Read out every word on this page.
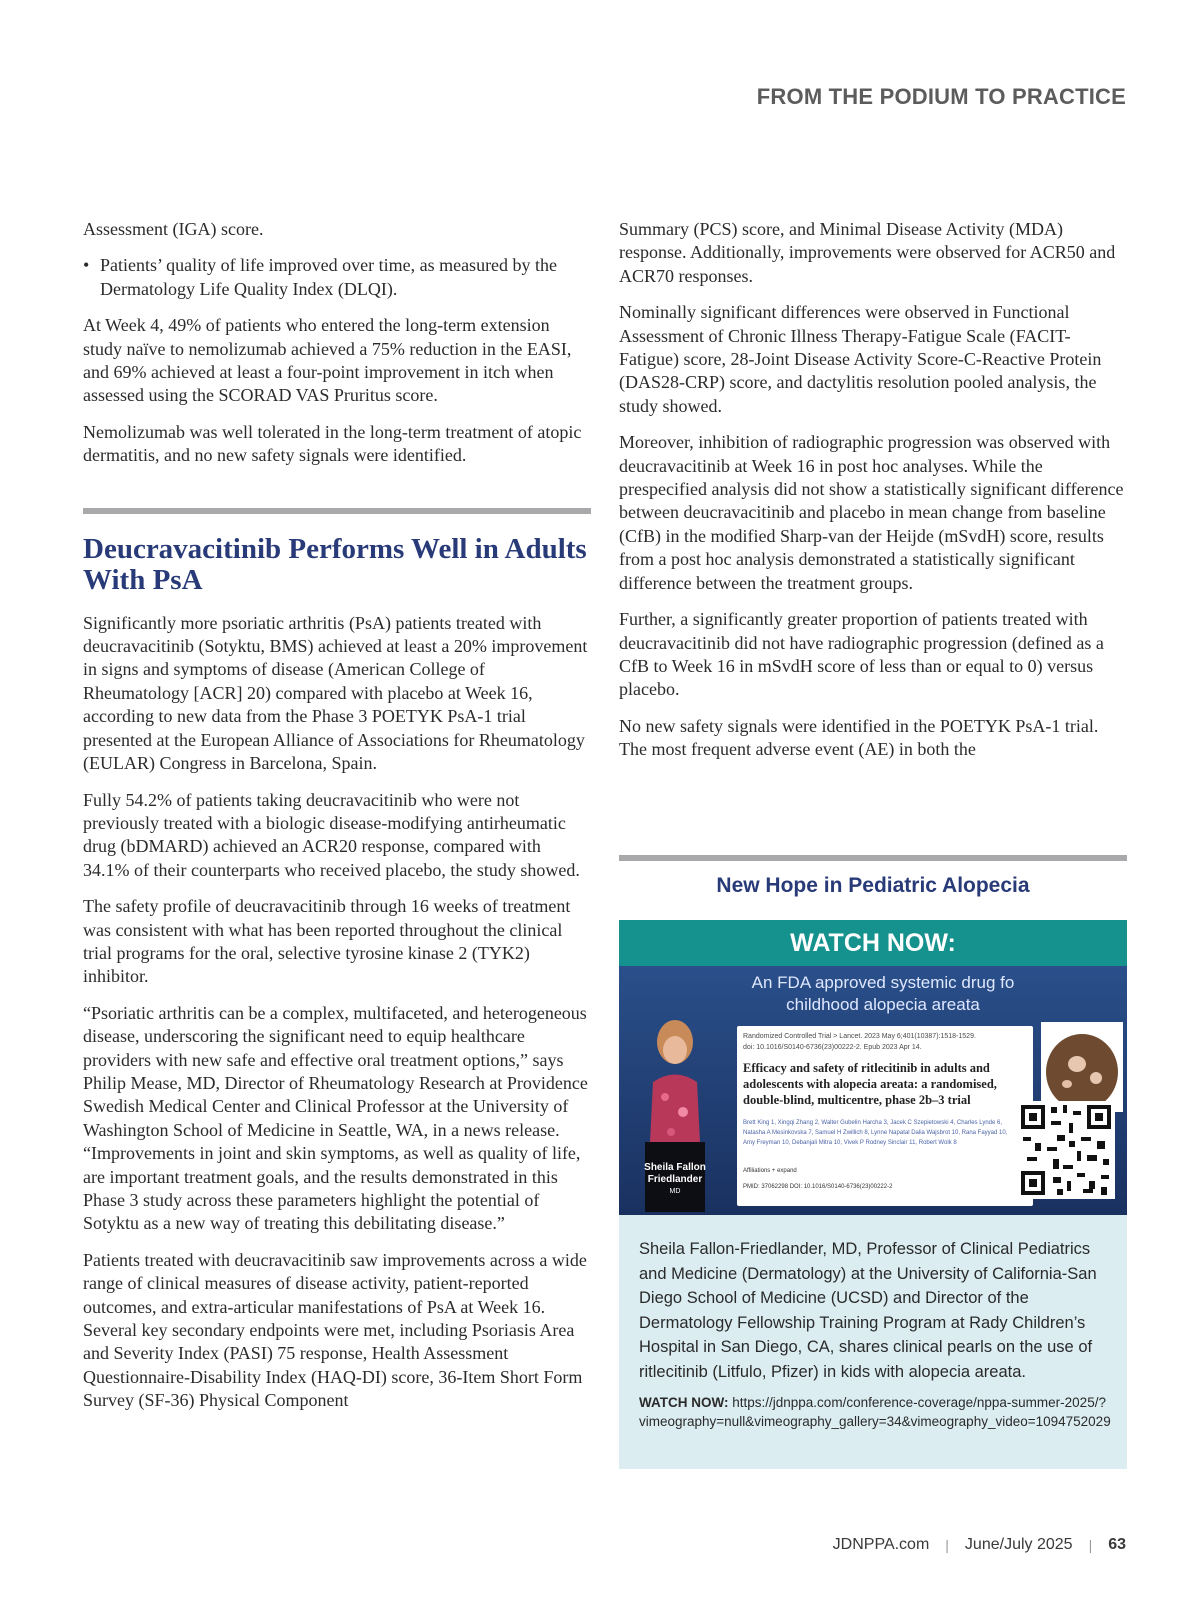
FROM THE PODIUM TO PRACTICE

Assessment (IGA) score.

• Patients’ quality of life improved over time, as measured by the Dermatology Life Quality Index (DLQI).

At Week 4, 49% of patients who entered the long-term extension study naïve to nemolizumab achieved a 75% reduction in the EASI, and 69% achieved at least a four-point improvement in itch when assessed using the SCORAD VAS Pruritus score.

Nemolizumab was well tolerated in the long-term treatment of atopic dermatitis, and no new safety signals were identified.

Deucravacitinib Performs Well in Adults With PsA

Significantly more psoriatic arthritis (PsA) patients treated with deucravacitinib (Sotyktu, BMS) achieved at least a 20% improvement in signs and symptoms of disease (American College of Rheumatology [ACR] 20) compared with placebo at Week 16, according to new data from the Phase 3 POETYK PsA-1 trial presented at the European Alliance of Associations for Rheumatology (EULAR) Congress in Barcelona, Spain.

Fully 54.2% of patients taking deucravacitinib who were not previously treated with a biologic disease-modifying antirheumatic drug (bDMARD) achieved an ACR20 response, compared with 34.1% of their counterparts who received placebo, the study showed.

The safety profile of deucravacitinib through 16 weeks of treatment was consistent with what has been reported throughout the clinical trial programs for the oral, selective tyrosine kinase 2 (TYK2) inhibitor.

“Psoriatic arthritis can be a complex, multifaceted, and heterogeneous disease, underscoring the significant need to equip healthcare providers with new safe and effective oral treatment options,” says Philip Mease, MD, Director of Rheumatology Research at Providence Swedish Medical Center and Clinical Professor at the University of Washington School of Medicine in Seattle, WA, in a news release. “Improvements in joint and skin symptoms, as well as quality of life, are important treatment goals, and the results demonstrated in this Phase 3 study across these parameters highlight the potential of Sotyktu as a new way of treating this debilitating disease.”

Patients treated with deucravacitinib saw improvements across a wide range of clinical measures of disease activity, patient-reported outcomes, and extra-articular manifestations of PsA at Week 16. Several key secondary endpoints were met, including Psoriasis Area and Severity Index (PASI) 75 response, Health Assessment Questionnaire-Disability Index (HAQ-DI) score, 36-Item Short Form Survey (SF-36) Physical Component

Summary (PCS) score, and Minimal Disease Activity (MDA) response. Additionally, improvements were observed for ACR50 and ACR70 responses.

Nominally significant differences were observed in Functional Assessment of Chronic Illness Therapy-Fatigue Scale (FACIT-Fatigue) score, 28-Joint Disease Activity Score-C-Reactive Protein (DAS28-CRP) score, and dactylitis resolution pooled analysis, the study showed.

Moreover, inhibition of radiographic progression was observed with deucravacitinib at Week 16 in post hoc analyses. While the prespecified analysis did not show a statistically significant difference between deucravacitinib and placebo in mean change from baseline (CfB) in the modified Sharp-van der Heijde (mSvdH) score, results from a post hoc analysis demonstrated a statistically significant difference between the treatment groups.

Further, a significantly greater proportion of patients treated with deucravacitinib did not have radiographic progression (defined as a CfB to Week 16 in mSvdH score of less than or equal to 0) versus placebo.

No new safety signals were identified in the POETYK PsA-1 trial. The most frequent adverse event (AE) in both the

New Hope in Pediatric Alopecia
WATCH NOW:
An FDA approved systemic drug fo childhood alopecia areata
Sheila Fallon Friedlander
MD
Randomized Controlled Trial > Lancet. 2023 May 6;401(10387):1518-1529.
doi: 10.1016/S0140-6736(23)00222-2. Epub 2023 Apr 14.
Efficacy and safety of ritlecitinib in adults and adolescents with alopecia areata: a randomised, double-blind, multicentre, phase 2b–3 trial
Brett King 1, Xingqi Zhang 2, Walter Gubelin Harcha 3, Jacek C Szepietowski 4, Charles Lynde 6, Natasha A Mesinkovska 7, Samuel H Zwillich 8, Lynne Napatal Dalia Wajsbrot 10, Rana Fayyad 10, Amy Freyman 10, Debanjali Mitra 10, Vivek P Rodney Sinclair 11, Robert Wolk 8
Affiliations + expand
PMID: 37062298 DOI: 10.1016/S0140-6736(23)00222-2
Sheila Fallon-Friedlander, MD, Professor of Clinical Pediatrics and Medicine (Dermatology) at the University of California-San Diego School of Medicine (UCSD) and Director of the Dermatology Fellowship Training Program at Rady Children’s Hospital in San Diego, CA, shares clinical pearls on the use of ritlecitinib (Litfulo, Pfizer) in kids with alopecia areata.
WATCH NOW: https://jdnppa.com/conference-coverage/nppa-summer-2025/?vimeography=null&vimeography_gallery=34&vimeography_video=1094752029
JDNPPA.com | June/July 2025 | 63
